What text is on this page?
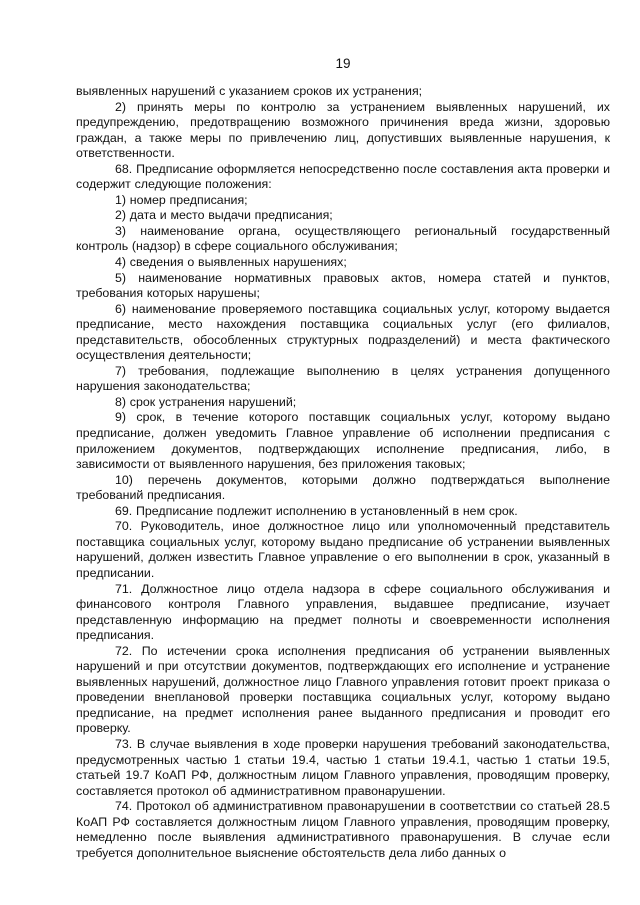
19

выявленных нарушений с указанием сроков их устранения;

2) принять меры по контролю за устранением выявленных нарушений, их предупреждению, предотвращению возможного причинения вреда жизни, здоровью граждан, а также меры по привлечению лиц, допустивших выявленные нарушения, к ответственности.

68. Предписание оформляется непосредственно после составления акта проверки и содержит следующие положения:

1) номер предписания;

2) дата и место выдачи предписания;

3) наименование органа, осуществляющего региональный государственный контроль (надзор) в сфере социального обслуживания;

4) сведения о выявленных нарушениях;

5) наименование нормативных правовых актов, номера статей и пунктов, требования которых нарушены;

6) наименование проверяемого поставщика социальных услуг, которому выдается предписание, место нахождения поставщика социальных услуг (его филиалов, представительств, обособленных структурных подразделений) и места фактического осуществления деятельности;

7) требования, подлежащие выполнению в целях устранения допущенного нарушения законодательства;

8) срок устранения нарушений;

9) срок, в течение которого поставщик социальных услуг, которому выдано предписание, должен уведомить Главное управление об исполнении предписания с приложением документов, подтверждающих исполнение предписания, либо, в зависимости от выявленного нарушения, без приложения таковых;

10) перечень документов, которыми должно подтверждаться выполнение требований предписания.

69. Предписание подлежит исполнению в установленный в нем срок.

70. Руководитель, иное должностное лицо или уполномоченный представитель поставщика социальных услуг, которому выдано предписание об устранении выявленных нарушений, должен известить Главное управление о его выполнении в срок, указанный в предписании.

71. Должностное лицо отдела надзора в сфере социального обслуживания и финансового контроля Главного управления, выдавшее предписание, изучает представленную информацию на предмет полноты и своевременности исполнения предписания.

72. По истечении срока исполнения предписания об устранении выявленных нарушений и при отсутствии документов, подтверждающих его исполнение и устранение выявленных нарушений, должностное лицо Главного управления готовит проект приказа о проведении внеплановой проверки поставщика социальных услуг, которому выдано предписание, на предмет исполнения ранее выданного предписания и проводит его проверку.

73. В случае выявления в ходе проверки нарушения требований законодательства, предусмотренных частью 1 статьи 19.4, частью 1 статьи 19.4.1, частью 1 статьи 19.5, статьей 19.7 КоАП РФ, должностным лицом Главного управления, проводящим проверку, составляется протокол об административном правонарушении.

74. Протокол об административном правонарушении в соответствии со статьей 28.5 КоАП РФ составляется должностным лицом Главного управления, проводящим проверку, немедленно после выявления административного правонарушения. В случае если требуется дополнительное выяснение обстоятельств дела либо данных о
